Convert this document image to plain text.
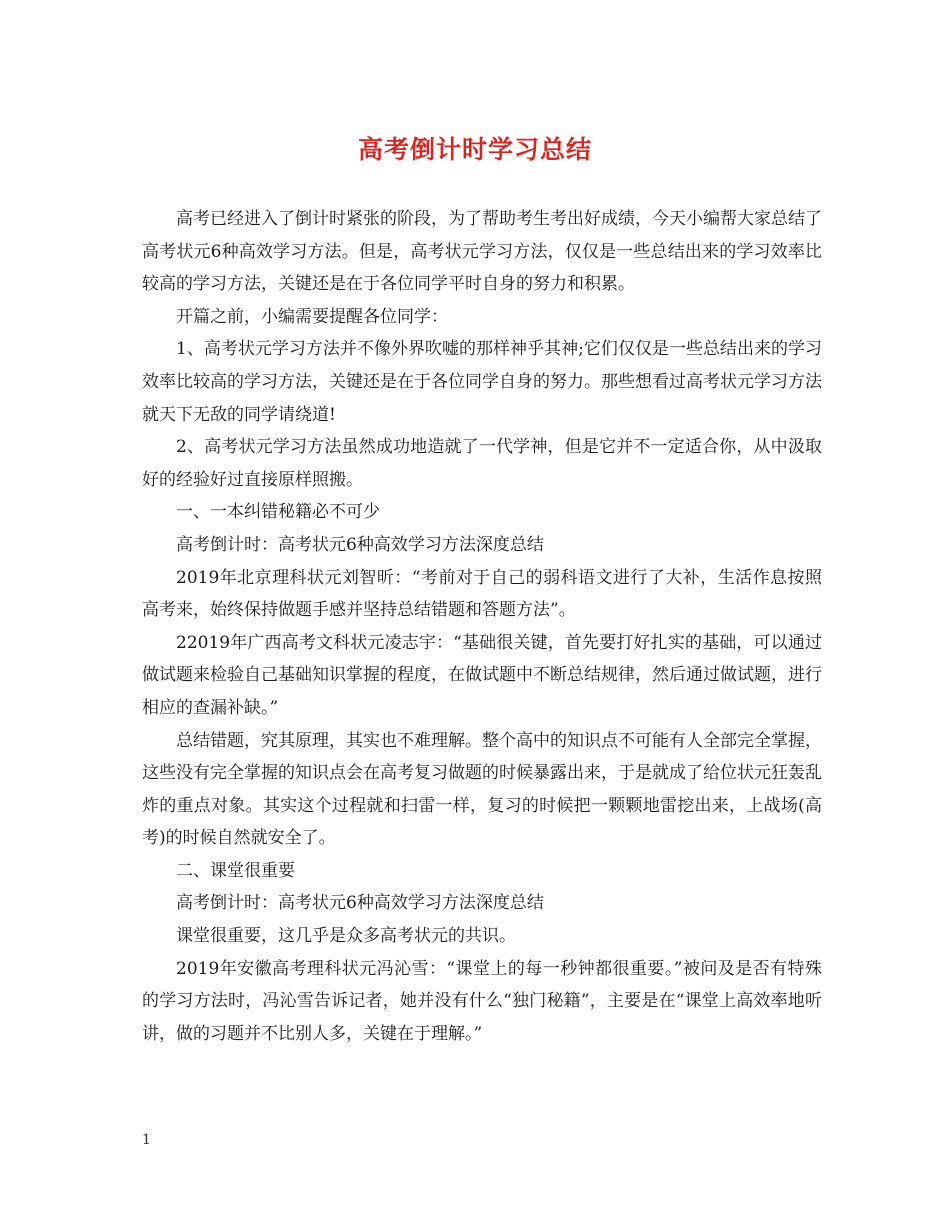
高考倒计时学习总结

高考已经进入了倒计时紧张的阶段，为了帮助考生考出好成绩，今天小编帮大家总结了高考状元6种高效学习方法。但是，高考状元学习方法，仅仅是一些总结出来的学习效率比较高的学习方法，关键还是在于各位同学平时自身的努力和积累。

开篇之前，小编需要提醒各位同学：

1、高考状元学习方法并不像外界吹嘘的那样神乎其神;它们仅仅是一些总结出来的学习效率比较高的学习方法，关键还是在于各位同学自身的努力。那些想看过高考状元学习方法就天下无敌的同学请绕道!

2、高考状元学习方法虽然成功地造就了一代学神，但是它并不一定适合你，从中汲取好的经验好过直接原样照搬。

一、一本纠错秘籍必不可少

高考倒计时：高考状元6种高效学习方法深度总结

2019年北京理科状元刘智昕：“考前对于自己的弱科语文进行了大补，生活作息按照高考来，始终保持做题手感并坚持总结错题和答题方法”。

22019年广西高考文科状元凌志宇：“基础很关键，首先要打好扎实的基础，可以通过做试题来检验自己基础知识掌握的程度，在做试题中不断总结规律，然后通过做试题，进行相应的查漏补缺。”

总结错题，究其原理，其实也不难理解。整个高中的知识点不可能有人全部完全掌握，这些没有完全掌握的知识点会在高考复习做题的时候暴露出来，于是就成了给位状元狂轰乱炸的重点对象。其实这个过程就和扫雷一样，复习的时候把一颗颗地雷挖出来，上战场(高考)的时候自然就安全了。

二、课堂很重要

高考倒计时：高考状元6种高效学习方法深度总结

课堂很重要，这几乎是众多高考状元的共识。

2019年安徽高考理科状元冯沁雪：“课堂上的每一秒钟都很重要。”被问及是否有特殊的学习方法时，冯沁雪告诉记者，她并没有什么“独门秘籍”，主要是在“课堂上高效率地听讲，做的习题并不比别人多，关键在于理解。”

1
